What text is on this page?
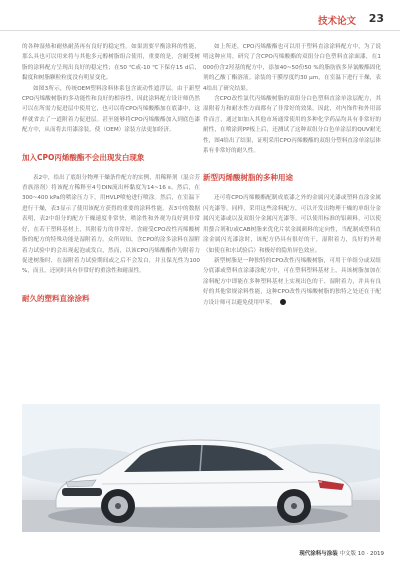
技术论文 23

的各种湿热和耐热耐蒸再有良好的稳定性。如果需要平衡涂料的性能，那么具也可以用来将与其他多元醇树脂组合使用，重要的是，含耐受树脂的涂料配方呈现出良好的稳定性；在50 ℃或-10 ℃下保存15 d后，黏度和树脂颗粒粒度没有明显变化。

如图3所示，传统OEM塑料涂料体系包含流动性遮浮层。由于新型CPO丙烯酸树脂的多功能性和良好的相容性，因此涂料配方设计师仍然可以在所需力促进层中使用它，也可以将CPO丙烯酸酯加在底漆中，这样就省去了一道附着力促进层。甚至能够将CPO丙烯酸酯加入到底色漆配方中，从而将去用漆涂装，使（OEM）涂装方法更加经济。

加入CPO丙烯酸酯不会出现发白现象

表2中，给出了底组分物理干燥条件配方的实例，用稀释剂（混合芳香族溶剂）将该配方稀释至4号DIN流出杯黏度为14~16 s。然后，在300~400 kPa的喷涂压力下，用HVLP喷枪进行喷涂。然后，在室温下进行干燥，表3显示了使用该配方获得的重要的涂料性能。表3中的数据表明，表2中组分的配方干燥速度非常快，喷涂性和外观为良好到非常好，在若干塑料基材上，其附着力的非常好。含耐受CPO改性丙烯酸树脂的配方的特殊功能是湿附着力。众所周知，含CPO的涂多涂料在湿附着力试验中的会出现起泡或发白，然而，以该CPO丙烯酸酯作为附着力促进树脂时，在湿附着力试验期间或之后不会发白，并且保光性为100 %，而且，还同时具有非常好的重涂性和耐湿性。

耐久的塑料直涂涂料

如上所述，CPO丙烯酸酯也可以用于塑料直涂涂料配方中，为了说明这种应用，研究了含CPO丙烯酸酯的双组分白色塑料直涂面漆，在1 000份含2羟基的配方中，添加40~50份50 %的脂肪族多异氰酸酯固化剂的乙酸丁酯溶液。涂装的干膜厚度约30 μm，在室温下进行干燥，表4给出了研究结果。

含CPO改性氯代丙烯酸树脂的双组分白色塑料直涂单涂层配方，其湿附着力和耐水性方面都有了非常好的效果。因此，对内饰件和外用部件而言，通过如加入其他市场通常使用的多种化学药品均具有非常好的耐性，在喷涂到PP板上后，还测试了这种双组分白色单涂层的QUV耐光性，图4给出了结果，证明采用CPO丙烯酸酯的双组分塑料直涂单涂层体系有非常好的耐久性。

新型丙烯酸树脂的多种用途

还可将CPO丙烯酸酯配制成底漆之外的金属闪光漆或塑料直涂金属闪光漆等。同样，采用这些涂料配方，可以开发出物理干燥的单组分金属闪光漆或以及双组分金属闪光漆等。可以使用标准的铝颜料，可以使用螯合剂和/或CAB树脂来优化片状金属颜料的定向性，当配制成塑料直涂金属闪光漆涂时，该配方仍具有很好的干，湿附着力，良好的外观（如使在和水试验后）和极好的隐角屏色效应。

新型树脂是一种独特的CPO改性丙烯酸树脂，可用于单组分或双组分底漆或塑料直涂漆涂配方中，可在塑料塑料基材上，具该树脂加加在涂料配方中即能在多种塑料基材上实现出色的干、湿附着力，并具有良好的其他常规涂料性能，这种CPO改性丙烯酸树脂的独特之处还在于配方设计师可以避免使用甲苯。

现代涂料与涂装 中文版 10 · 2019
